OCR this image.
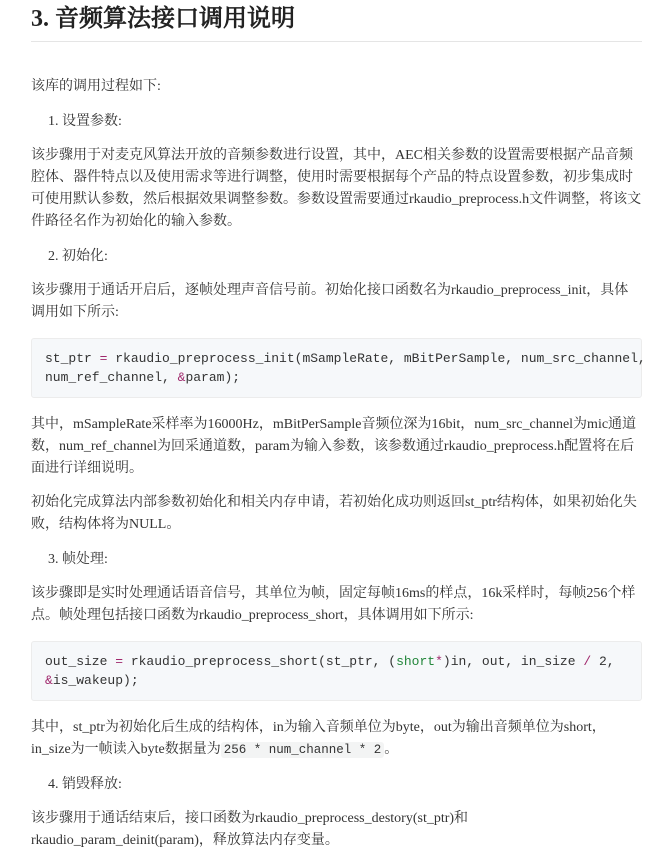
3. 音频算法接口调用说明

该库的调用过程如下:

1. 设置参数:

该步骤用于对麦克风算法开放的音频参数进行设置，其中，AEC相关参数的设置需要根据产品音频腔体、器件特点以及使用需求等进行调整，使用时需要根据每个产品的特点设置参数，初步集成时可使用默认参数，然后根据效果调整参数。参数设置需要通过rkaudio_preprocess.h文件调整，将该文件路径名作为初始化的输入参数。

2. 初始化:

该步骤用于通话开启后，逐帧处理声音信号前。初始化接口函数名为rkaudio_preprocess_init，具体调用如下所示:

st_ptr = rkaudio_preprocess_init(mSampleRate, mBitPerSample, num_src_channel,
num_ref_channel, &param);

其中，mSampleRate采样率为16000Hz，mBitPerSample音频位深为16bit，num_src_channel为mic通道数，num_ref_channel为回采通道数，param为输入参数，该参数通过rkaudio_preprocess.h配置将在后面进行详细说明。

初始化完成算法内部参数初始化和相关内存申请，若初始化成功则返回st_ptr结构体，如果初始化失败，结构体将为NULL。

3. 帧处理:

该步骤即是实时处理通话语音信号，其单位为帧，固定每帧16ms的样点，16k采样时，每帧256个样点。帧处理包括接口函数为rkaudio_preprocess_short，具体调用如下所示:

out_size = rkaudio_preprocess_short(st_ptr, (short*)in, out, in_size / 2,
&is_wakeup);

其中，st_ptr为初始化后生成的结构体，in为输入音频单位为byte，out为输出音频单位为short，in_size为一帧读入byte数据量为 256 * num_channel * 2 。

4. 销毁释放:

该步骤用于通话结束后，接口函数为rkaudio_preprocess_destory(st_ptr)和rkaudio_param_deinit(param)，释放算法内存变量。
